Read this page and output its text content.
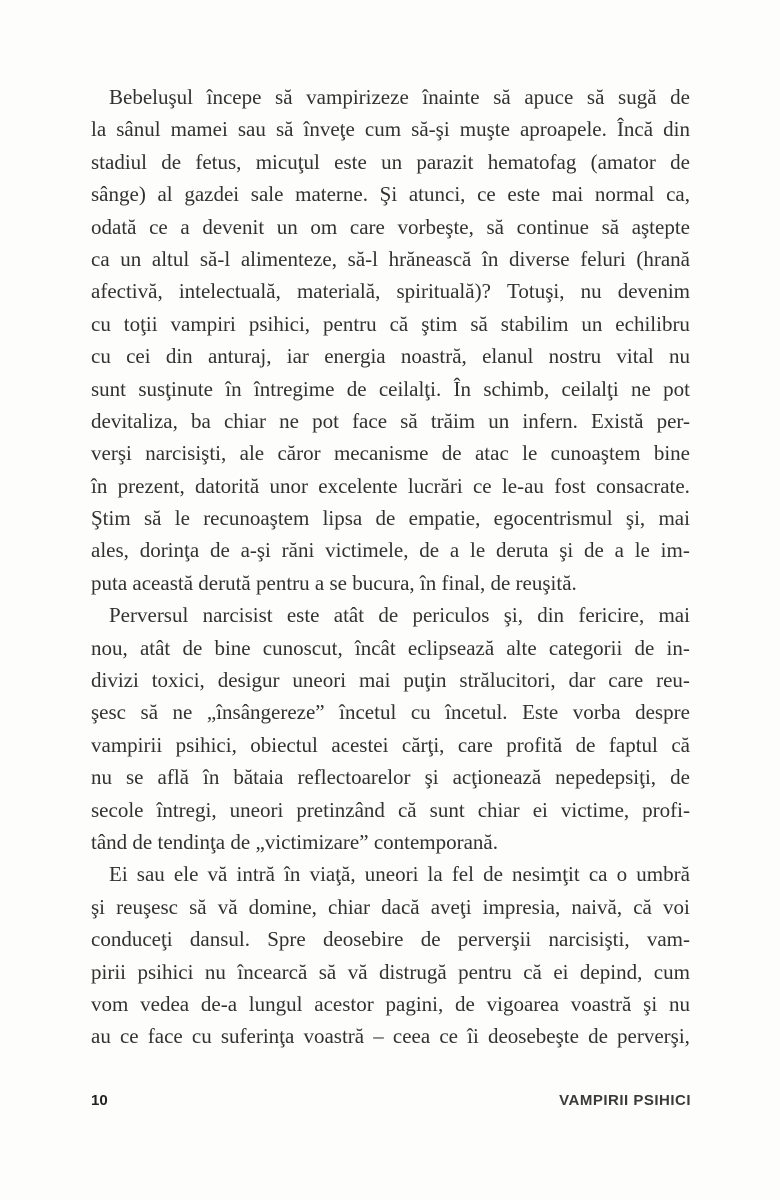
Bebeluşul începe să vampirizeze înainte să apuce să sugă de
la sânul mamei sau să înveţe cum să-şi muşte aproapele. Încă din
stadiul de fetus, micuţul este un parazit hematofag (amator de
sânge) al gazdei sale materne. Şi atunci, ce este mai normal ca,
odată ce a devenit un om care vorbeşte, să continue să aştepte
ca un altul să-l alimenteze, să-l hrănească în diverse feluri (hrană
afectivă, intelectuală, materială, spirituală)? Totuşi, nu devenim
cu toţii vampiri psihici, pentru că ştim să stabilim un echilibru
cu cei din anturaj, iar energia noastră, elanul nostru vital nu
sunt susţinute în întregime de ceilalţi. În schimb, ceilalţi ne pot
devitaliza, ba chiar ne pot face să trăim un infern. Există per-
verşi narcisişti, ale căror mecanisme de atac le cunoaştem bine
în prezent, datorită unor excelente lucrări ce le-au fost consacrate.
Ştim să le recunoaştem lipsa de empatie, egocentrismul şi, mai
ales, dorinţa de a-şi răni victimele, de a le deruta şi de a le im-
puta această derută pentru a se bucura, în final, de reuşită.
Perversul narcisist este atât de periculos şi, din fericire, mai
nou, atât de bine cunoscut, încât eclipsează alte categorii de in-
divizi toxici, desigur uneori mai puţin strălucitori, dar care reu-
şesc să ne „însângereze” încetul cu încetul. Este vorba despre
vampirii psihici, obiectul acestei cărţi, care profită de faptul că
nu se află în bătaia reflectoarelor şi acţionează nepedepsiţi, de
secole întregi, uneori pretinzând că sunt chiar ei victime, profi-
tând de tendinţa de „victimizare” contemporană.
Ei sau ele vă intră în viaţă, uneori la fel de nesimţit ca o umbră
şi reuşesc să vă domine, chiar dacă aveţi impresia, naivă, că voi
conduceţi dansul. Spre deosebire de perverşii narcisişti, vam-
pirii psihici nu încearcă să vă distrugă pentru că ei depind, cum
vom vedea de-a lungul acestor pagini, de vigoarea voastră şi nu
au ce face cu suferinţa voastră – ceea ce îi deosebeşte de perverşi,
10	VAMPIRII PSIHICI
